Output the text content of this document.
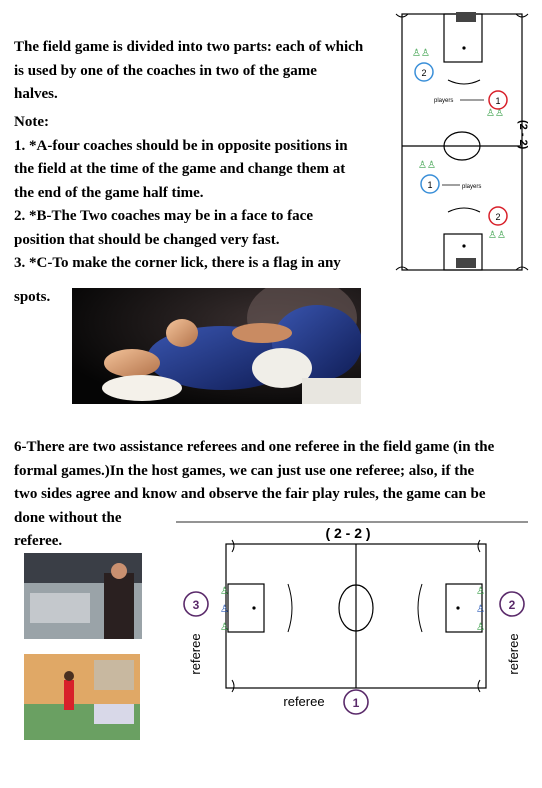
The field game is divided into two parts: each of which
is used by one of the coaches in two of the game
halves.
Note:
1. *A-four coaches should be in opposite positions in
the field at the time of the game and change them at
the end of the game half time.
2. *B-The Two coaches may be in a face to face
position that should be changed very fast.
3. *C-To make the corner lick, there is a flag in any
spots.
6-There are two assistance referees and one referee in the field game (in the
formal games.)In the host games, we can just use one referee; also, if the
two sides agree and know and observe the fair play rules, the game can be
done without the
referee.
♙♙
♙♙
♙♙
♙♙
2
1
players
1	players
2
(2 - 2)
( 2 - 2 )
♙
♙
♙
♙
♙
♙
3	2
1
referee
referee	referee
